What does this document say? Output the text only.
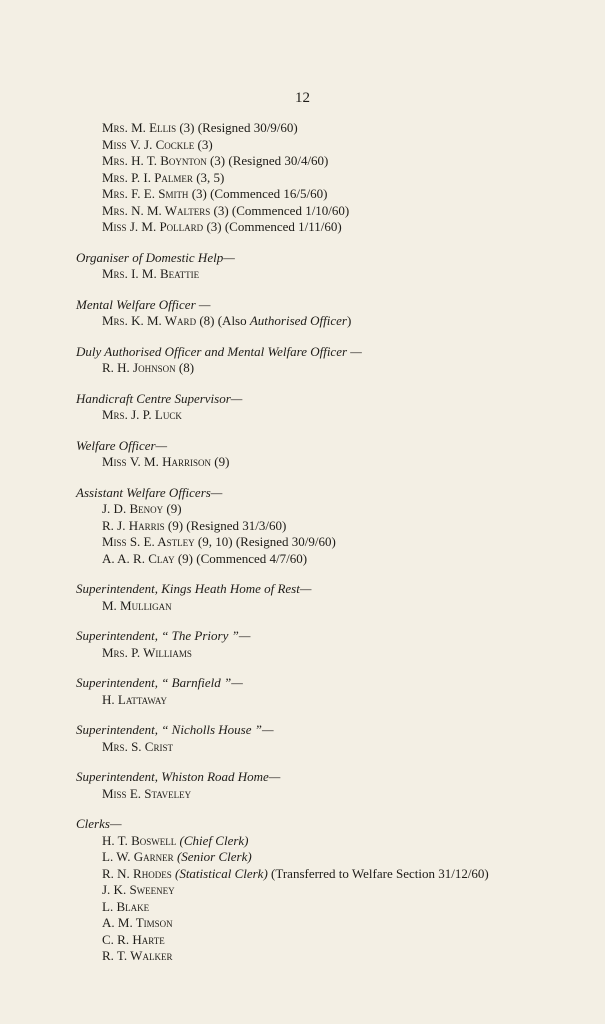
12
Mrs. M. Ellis (3) (Resigned 30/9/60)
Miss V. J. Cockle (3)
Mrs. H. T. Boynton (3) (Resigned 30/4/60)
Mrs. P. I. Palmer (3, 5)
Mrs. F. E. Smith (3) (Commenced 16/5/60)
Mrs. N. M. Walters (3) (Commenced 1/10/60)
Miss J. M. Pollard (3) (Commenced 1/11/60)
Organiser of Domestic Help—
Mrs. I. M. Beattie
Mental Welfare Officer —
Mrs. K. M. Ward (8) (Also Authorised Officer)
Duly Authorised Officer and Mental Welfare Officer —
R. H. Johnson (8)
Handicraft Centre Supervisor—
Mrs. J. P. Luck
Welfare Officer—
Miss V. M. Harrison (9)
Assistant Welfare Officers—
J. D. Benoy (9)
R. J. Harris (9) (Resigned 31/3/60)
Miss S. E. Astley (9, 10) (Resigned 30/9/60)
A. A. R. Clay (9) (Commenced 4/7/60)
Superintendent, Kings Heath Home of Rest—
M. Mulligan
Superintendent, “ The Priory ”—
Mrs. P. Williams
Superintendent, “ Barnfield ”—
H. Lattaway
Superintendent, “ Nicholls House ”—
Mrs. S. Crist
Superintendent, Whiston Road Home—
Miss E. Staveley
Clerks—
H. T. Boswell (Chief Clerk)
L. W. Garner (Senior Clerk)
R. N. Rhodes (Statistical Clerk) (Transferred to Welfare Section 31/12/60)
J. K. Sweeney
L. Blake
A. M. Timson
C. R. Harte
R. T. Walker
